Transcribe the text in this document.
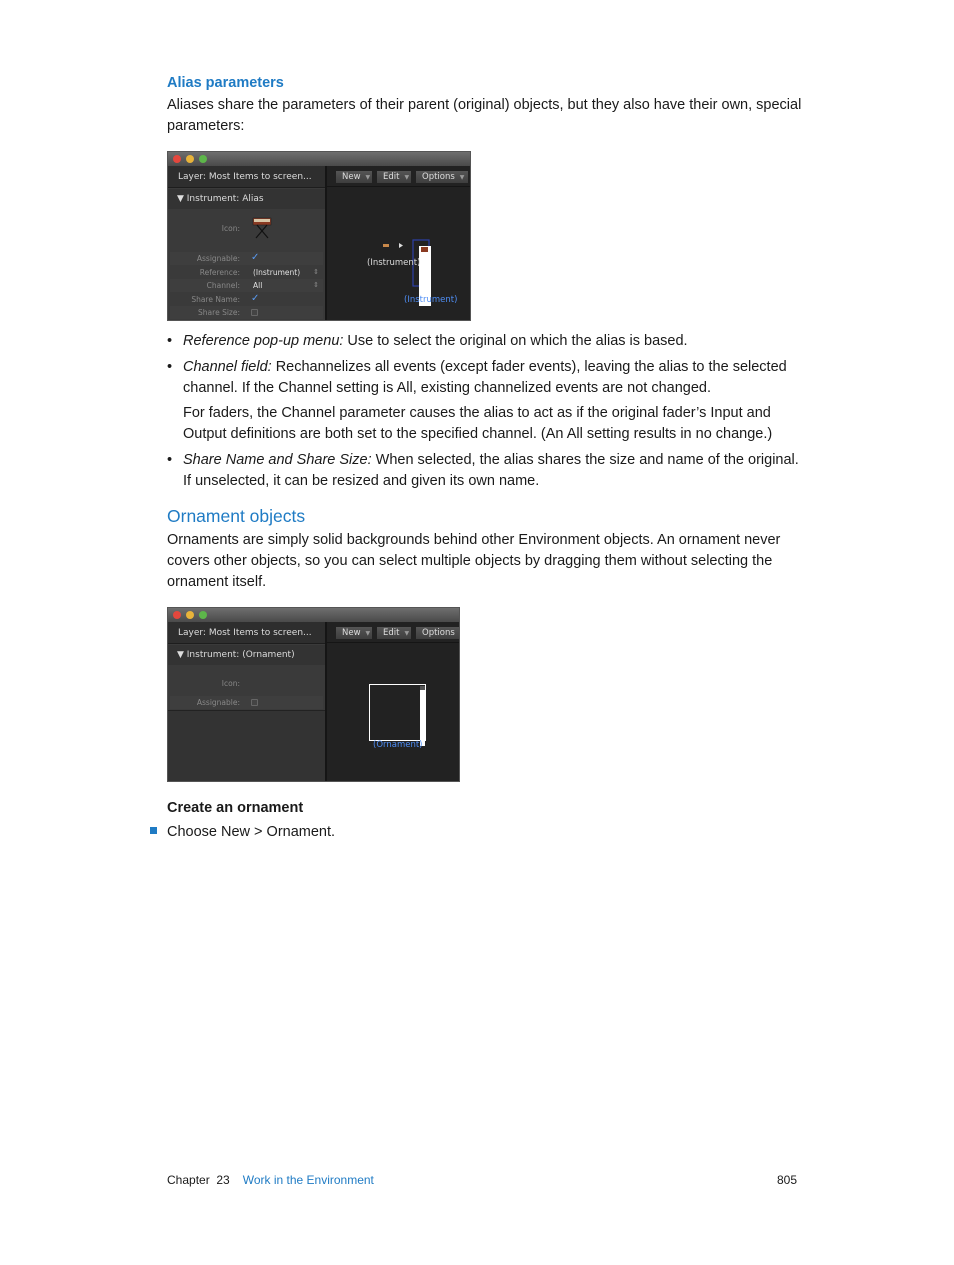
Alias parameters

Aliases share the parameters of their parent (original) objects, but they also have their own, special parameters:

Layer: Most Items to screen...
▼ Instrument: Alias
Icon:
Assignable: ✓
Reference: (Instrument) ⇕
Channel: All	⇕
Share Name: ✓
Share Size:
New ▼	Edit ▼	Options ▼
(Instrument)
(Instrument)
• Reference pop-up menu: Use to select the original on which the alias is based.

• Channel field: Rechannelizes all events (except fader events), leaving the alias to the selected channel. If the Channel setting is All, existing channelized events are not changed.

For faders, the Channel parameter causes the alias to act as if the original fader’s Input and Output definitions are both set to the specified channel. (An All setting results in no change.)

• Share Name and Share Size: When selected, the alias shares the size and name of the original. If unselected, it can be resized and given its own name.

Ornament objects

Ornaments are simply solid backgrounds behind other Environment objects. An ornament never covers other objects, so you can select multiple objects by dragging them without selecting the ornament itself.

Layer: Most Items to screen...
▼ Instrument: (Ornament)
Icon:
Assignable:
New ▼	Edit ▼	Options
(Ornament)
Create an ornament
Choose New > Ornament.
Chapter  23 Work in the Environment	805
